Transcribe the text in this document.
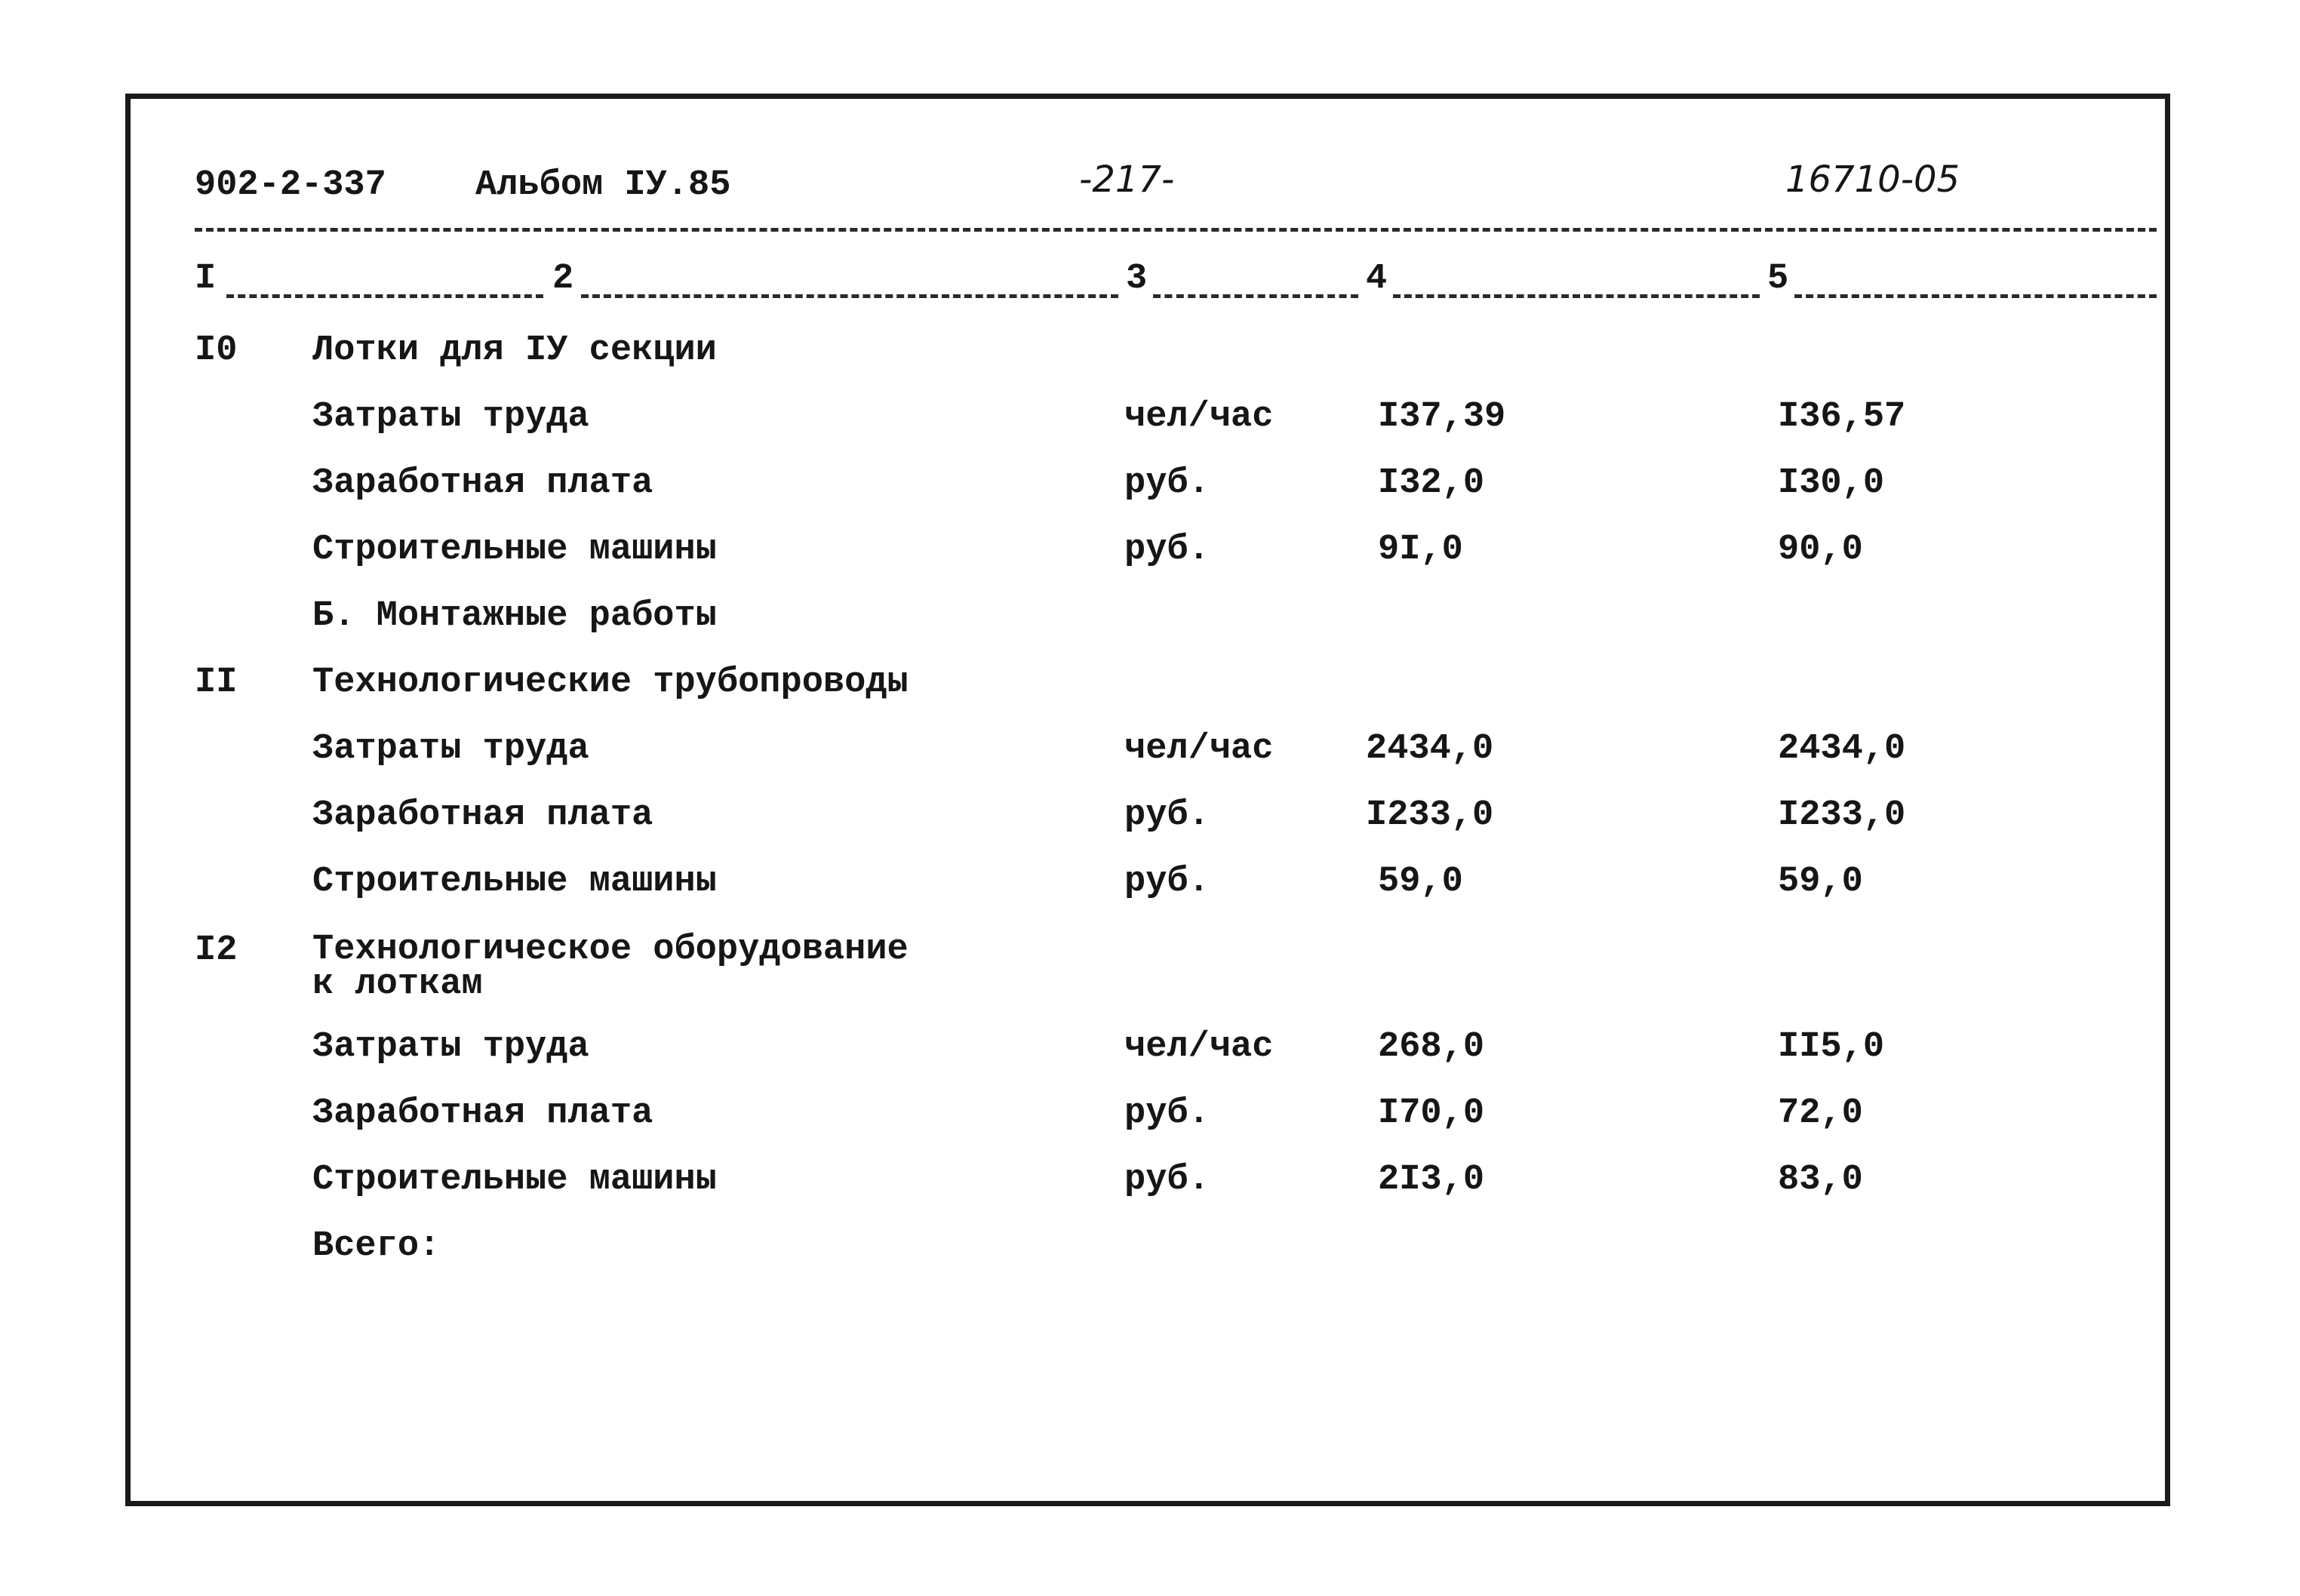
902-2-337	Альбом IУ.85	-217-	16710-05
I	2	3	4	5
I0 Лотки для IУ секции
Затраты труда	чел/час	I37,39	I36,57
Заработная плата	руб.	I32,0	I30,0
Строительные машины	руб.	9I,0	90,0
Б. Монтажные работы
II Технологические трубопроводы
Затраты труда	чел/час	2434,0	2434,0
Заработная плата	руб.	I233,0	I233,0
Строительные машины	руб.	59,0	59,0
I2 Технологическое оборудование
к лоткам
Затраты труда	чел/час	268,0	II5,0
Заработная плата	руб.	I70,0	72,0
Строительные машины	руб.	2I3,0	83,0
Всего:
